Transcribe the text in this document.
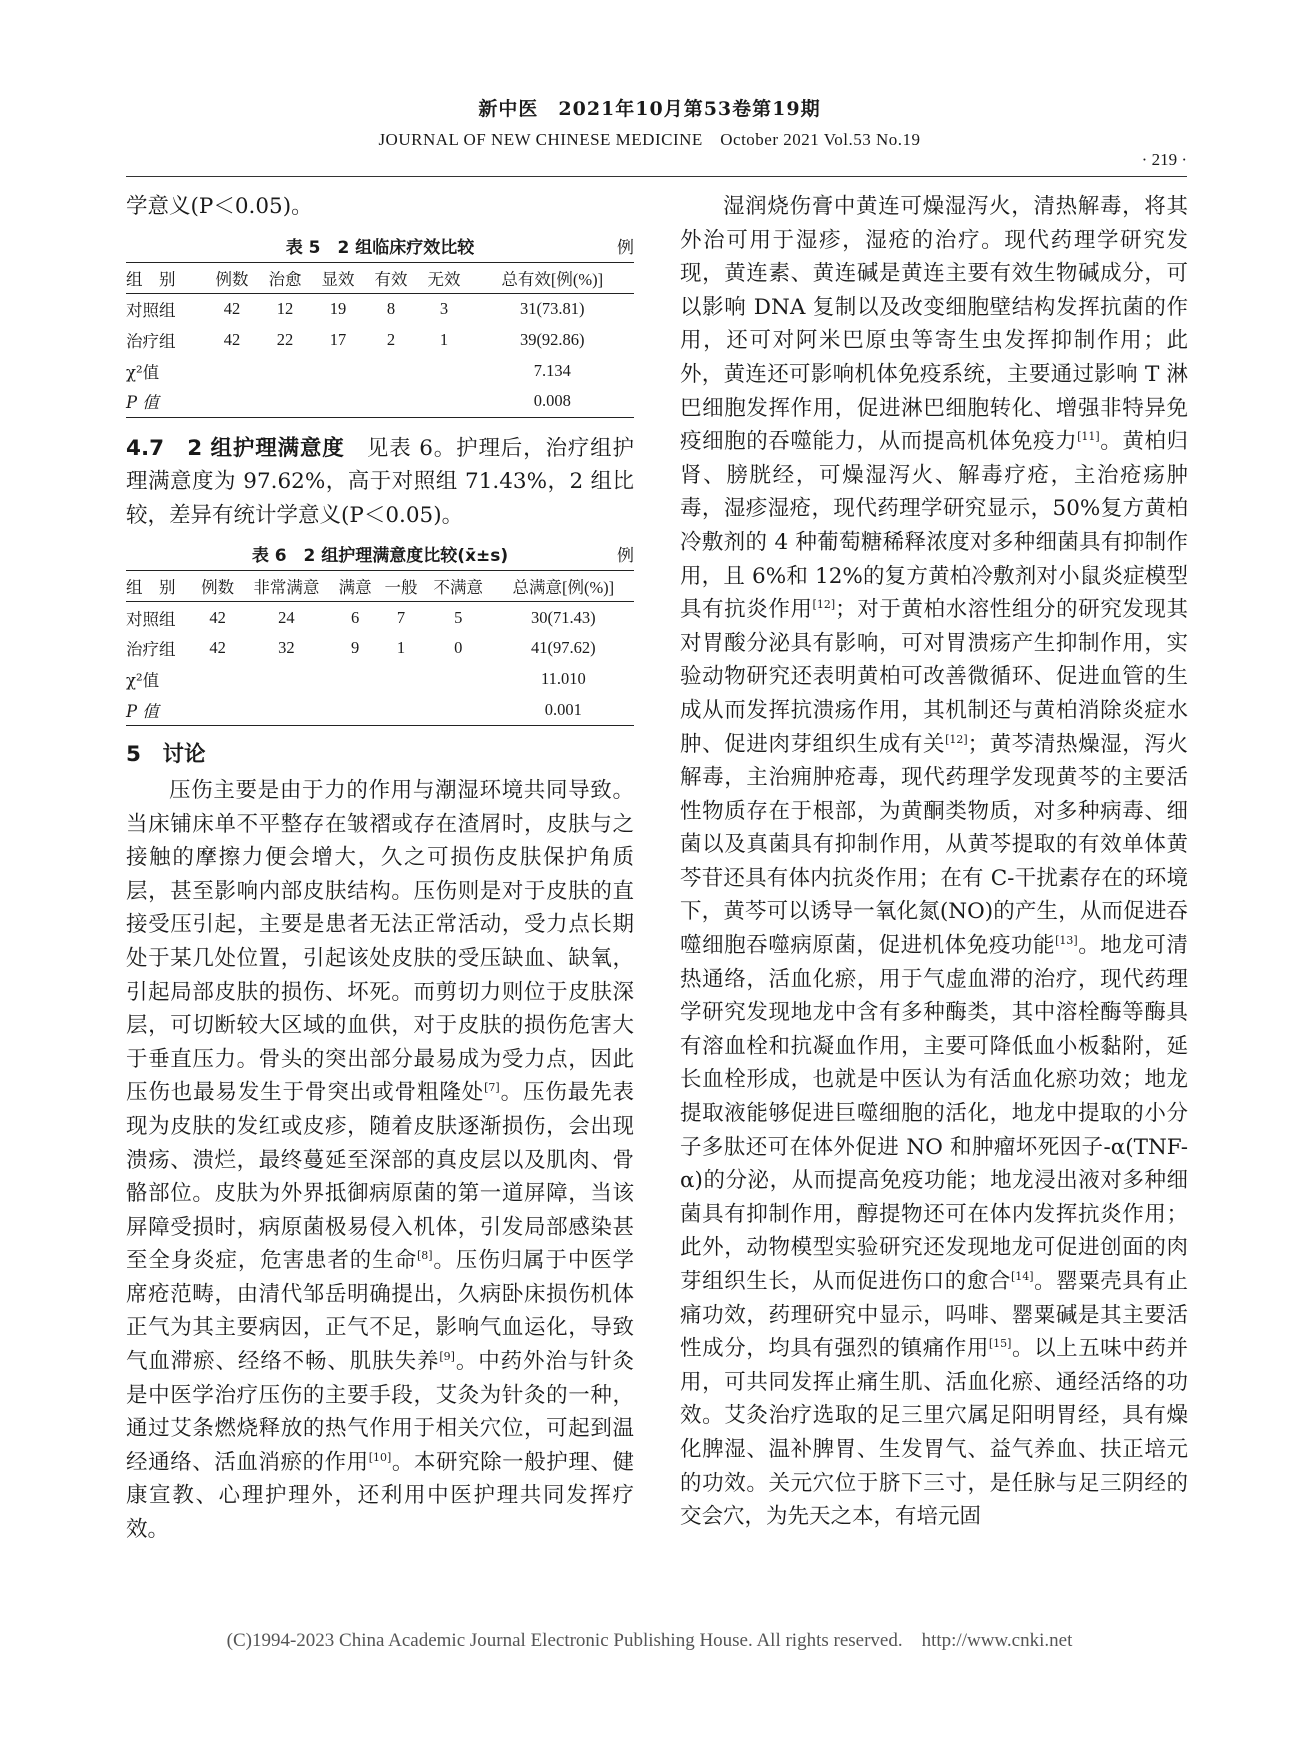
新中医　2021年10月第53卷第19期
JOURNAL OF NEW CHINESE MEDICINE　October 2021 Vol.53 No.19
· 219 ·

学意义(P＜0.05)。

表 5　2 组临床疗效比较	例
组　别	例数	治愈	显效	有效	无效	总有效[例(%)]
对照组	42	12	19	8	3	31(73.81)
治疗组	42	22	17	2	1	39(92.86)
χ²值						7.134
P 值						0.008

4.7　2 组护理满意度　见表 6。护理后，治疗组护理满意度为 97.62%，高于对照组 71.43%，2 组比较，差异有统计学意义(P＜0.05)。

表 6　2 组护理满意度比较(x̄±s)	例
组　别	例数	非常满意	满意	一般	不满意	总满意[例(%)]
对照组	42	24	6	7	5	30(71.43)
治疗组	42	32	9	1	0	41(97.62)
χ²值						11.010
P 值						0.001
5　讨论

压伤主要是由于力的作用与潮湿环境共同导致。当床铺床单不平整存在皱褶或存在渣屑时，皮肤与之接触的摩擦力便会增大，久之可损伤皮肤保护角质层，甚至影响内部皮肤结构。压伤则是对于皮肤的直接受压引起，主要是患者无法正常活动，受力点长期处于某几处位置，引起该处皮肤的受压缺血、缺氧，引起局部皮肤的损伤、坏死。而剪切力则位于皮肤深层，可切断较大区域的血供，对于皮肤的损伤危害大于垂直压力。骨头的突出部分最易成为受力点，因此压伤也最易发生于骨突出或骨粗隆处[7]。压伤最先表现为皮肤的发红或皮疹，随着皮肤逐渐损伤，会出现溃疡、溃烂，最终蔓延至深部的真皮层以及肌肉、骨骼部位。皮肤为外界抵御病原菌的第一道屏障，当该屏障受损时，病原菌极易侵入机体，引发局部感染甚至全身炎症，危害患者的生命[8]。压伤归属于中医学席疮范畴，由清代邹岳明确提出，久病卧床损伤机体正气为其主要病因，正气不足，影响气血运化，导致气血滞瘀、经络不畅、肌肤失养[9]。中药外治与针灸是中医学治疗压伤的主要手段，艾灸为针灸的一种，通过艾条燃烧释放的热气作用于相关穴位，可起到温经通络、活血消瘀的作用[10]。本研究除一般护理、健康宣教、心理护理外，还利用中医护理共同发挥疗效。

湿润烧伤膏中黄连可燥湿泻火，清热解毒，将其外治可用于湿疹，湿疮的治疗。现代药理学研究发现，黄连素、黄连碱是黄连主要有效生物碱成分，可以影响 DNA 复制以及改变细胞壁结构发挥抗菌的作用，还可对阿米巴原虫等寄生虫发挥抑制作用；此外，黄连还可影响机体免疫系统，主要通过影响 T 淋巴细胞发挥作用，促进淋巴细胞转化、增强非特异免疫细胞的吞噬能力，从而提高机体免疫力[11]。黄柏归肾、膀胱经，可燥湿泻火、解毒疗疮，主治疮疡肿毒，湿疹湿疮，现代药理学研究显示，50%复方黄柏冷敷剂的 4 种葡萄糖稀释浓度对多种细菌具有抑制作用，且 6%和 12%的复方黄柏冷敷剂对小鼠炎症模型具有抗炎作用[12]；对于黄柏水溶性组分的研究发现其对胃酸分泌具有影响，可对胃溃疡产生抑制作用，实验动物研究还表明黄柏可改善微循环、促进血管的生成从而发挥抗溃疡作用，其机制还与黄柏消除炎症水肿、促进肉芽组织生成有关[12]；黄芩清热燥湿，泻火解毒，主治痈肿疮毒，现代药理学发现黄芩的主要活性物质存在于根部，为黄酮类物质，对多种病毒、细菌以及真菌具有抑制作用，从黄芩提取的有效单体黄芩苷还具有体内抗炎作用；在有 C-干扰素存在的环境下，黄芩可以诱导一氧化氮(NO)的产生，从而促进吞噬细胞吞噬病原菌，促进机体免疫功能[13]。地龙可清热通络，活血化瘀，用于气虚血滞的治疗，现代药理学研究发现地龙中含有多种酶类，其中溶栓酶等酶具有溶血栓和抗凝血作用，主要可降低血小板黏附，延长血栓形成，也就是中医认为有活血化瘀功效；地龙提取液能够促进巨噬细胞的活化，地龙中提取的小分子多肽还可在体外促进 NO 和肿瘤坏死因子-α(TNF-α)的分泌，从而提高免疫功能；地龙浸出液对多种细菌具有抑制作用，醇提物还可在体内发挥抗炎作用；此外，动物模型实验研究还发现地龙可促进创面的肉芽组织生长，从而促进伤口的愈合[14]。罂粟壳具有止痛功效，药理研究中显示，吗啡、罂粟碱是其主要活性成分，均具有强烈的镇痛作用[15]。以上五味中药并用，可共同发挥止痛生肌、活血化瘀、通经活络的功效。艾灸治疗选取的足三里穴属足阳明胃经，具有燥化脾湿、温补脾胃、生发胃气、益气养血、扶正培元的功效。关元穴位于脐下三寸，是任脉与足三阴经的交会穴，为先天之本，有培元固

(C)1994-2023 China Academic Journal Electronic Publishing House. All rights reserved.　http://www.cnki.net
